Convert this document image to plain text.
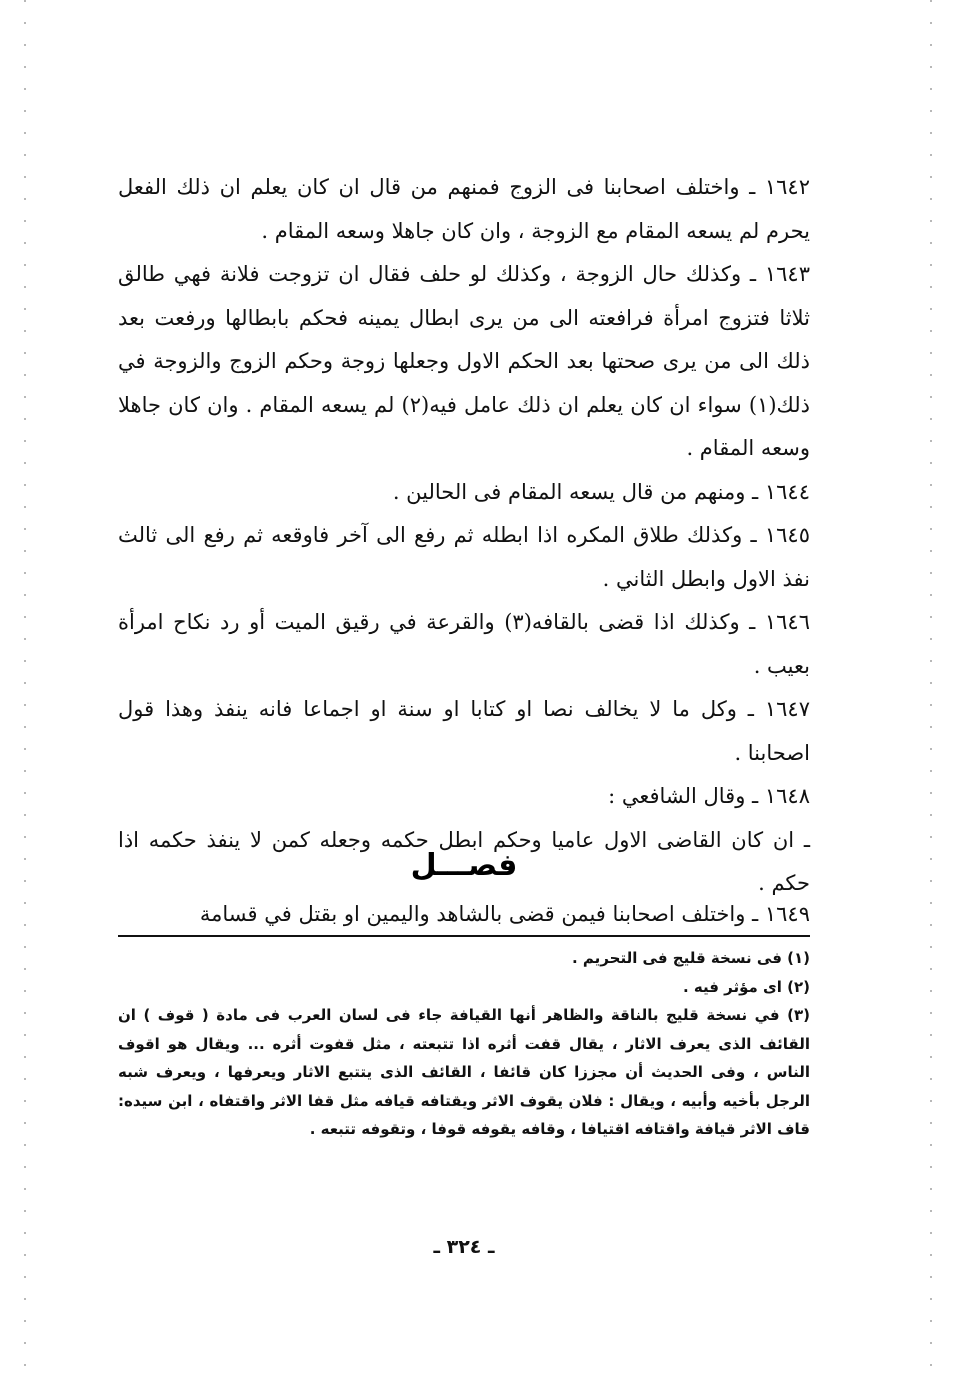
١٦٤٢ ـ واختلف اصحابنا فى الزوج فمنهم من قال ان كان يعلم ان ذلك الفعل يحرم لم يسعه المقام مع الزوجة ، وان كان جاهلا وسعه المقام .

١٦٤٣ ـ وكذلك حال الزوجة ، وكذلك لو حلف فقال ان تزوجت فلانة فهي طالق ثلاثا فتزوج امرأة فرافعته الى من يرى ابطال يمينه فحكم بابطالها ورفعت بعد ذلك الى من يرى صحتها بعد الحكم الاول وجعلها زوجة وحكم الزوج والزوجة في ذلك(١) سواء ان كان يعلم ان ذلك عامل فيه(٢) لم يسعه المقام . وان كان جاهلا وسعه المقام .

١٦٤٤ ـ ومنهم من قال يسعه المقام فى الحالين .

١٦٤٥ ـ وكذلك طلاق المكره اذا ابطله ثم رفع الى آخر فاوقعه ثم رفع الى ثالث نفذ الاول وابطل الثاني .

١٦٤٦ ـ وكذلك اذا قضى بالقافه(٣) والقرعة في رقيق الميت أو رد نكاح امرأة بعيب .

١٦٤٧ ـ وكل ما لا يخالف نصا او كتابا او سنة او اجماعا فانه ينفذ وهذا قول اصحابنا .

١٦٤٨ ـ وقال الشافعي :

ـ ان كان القاضى الاول عاميا وحكم ابطل حكمه وجعله كمن لا ينفذ حكمه اذا حكم .

فصـــل

١٦٤٩ ـ واختلف اصحابنا فيمن قضى بالشاهد واليمين او بقتل في قسامة

(١) فى نسخة قليج فى التحريم .

(٢) اى مؤثر فيه .

(٣) في نسخة قليج بالناقة والظاهر أنها القيافة جاء فى لسان العرب فى مادة ( قوف ) ان القائف الذى يعرف الاثار ، يقال قفت أثره اذا تتبعته ، مثل قفوت أثره ... ويقال هو اقوف الناس ، وفى الحديث أن مجززا كان قائفا ، القائف الذى يتتبع الاثار ويعرفها ، ويعرف شبه الرجل بأخيه وأبيه ، ويقال : فلان يقوف الاثر ويقتافه قيافه مثل قفا الاثر واقتفاه ، ابن سيده: قاف الاثر قيافة واقتافه اقتيافا ، وقافه يقوفه قوفا ، وتقوفه تتبعه .

ـ ٣٢٤ ـ
